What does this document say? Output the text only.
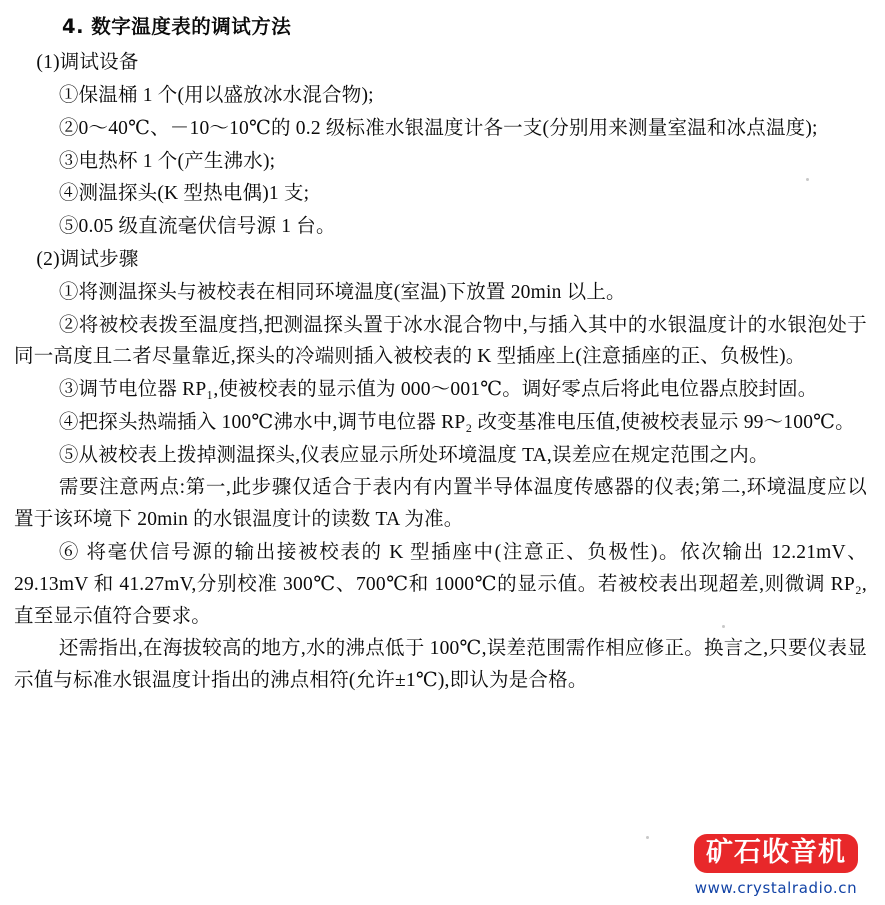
4. 数字温度表的调试方法

(1)调试设备

①保温桶 1 个(用以盛放冰水混合物);

②0～40℃、－10～10℃的 0.2 级标准水银温度计各一支(分别用来测量室温和冰点温度);

③电热杯 1 个(产生沸水);

④测温探头(K 型热电偶)1 支;

⑤0.05 级直流毫伏信号源 1 台。

(2)调试步骤

①将测温探头与被校表在相同环境温度(室温)下放置 20min 以上。

②将被校表拨至温度挡,把测温探头置于冰水混合物中,与插入其中的水银温度计的水银泡处于同一高度且二者尽量靠近,探头的冷端则插入被校表的 K 型插座上(注意插座的正、负极性)。

③调节电位器 RP₁,使被校表的显示值为 000～001℃。调好零点后将此电位器点胶封固。

④把探头热端插入 100℃沸水中,调节电位器 RP₂ 改变基准电压值,使被校表显示 99～100℃。

⑤从被校表上拨掉测温探头,仪表应显示所处环境温度 TA,误差应在规定范围之内。

需要注意两点:第一,此步骤仅适合于表内有内置半导体温度传感器的仪表;第二,环境温度应以置于该环境下 20min 的水银温度计的读数 TA 为准。

⑥ 将毫伏信号源的输出接被校表的 K 型插座中(注意正、负极性)。依次输出 12.21mV、29.13mV 和 41.27mV,分别校准 300℃、700℃和 1000℃的显示值。若被校表出现超差,则微调 RP₂,直至显示值符合要求。

还需指出,在海拔较高的地方,水的沸点低于 100℃,误差范围需作相应修正。换言之,只要仪表显示值与标准水银温度计指出的沸点相符(允许±1℃),即认为是合格。

矿石收音机
www.crystalradio.cn
